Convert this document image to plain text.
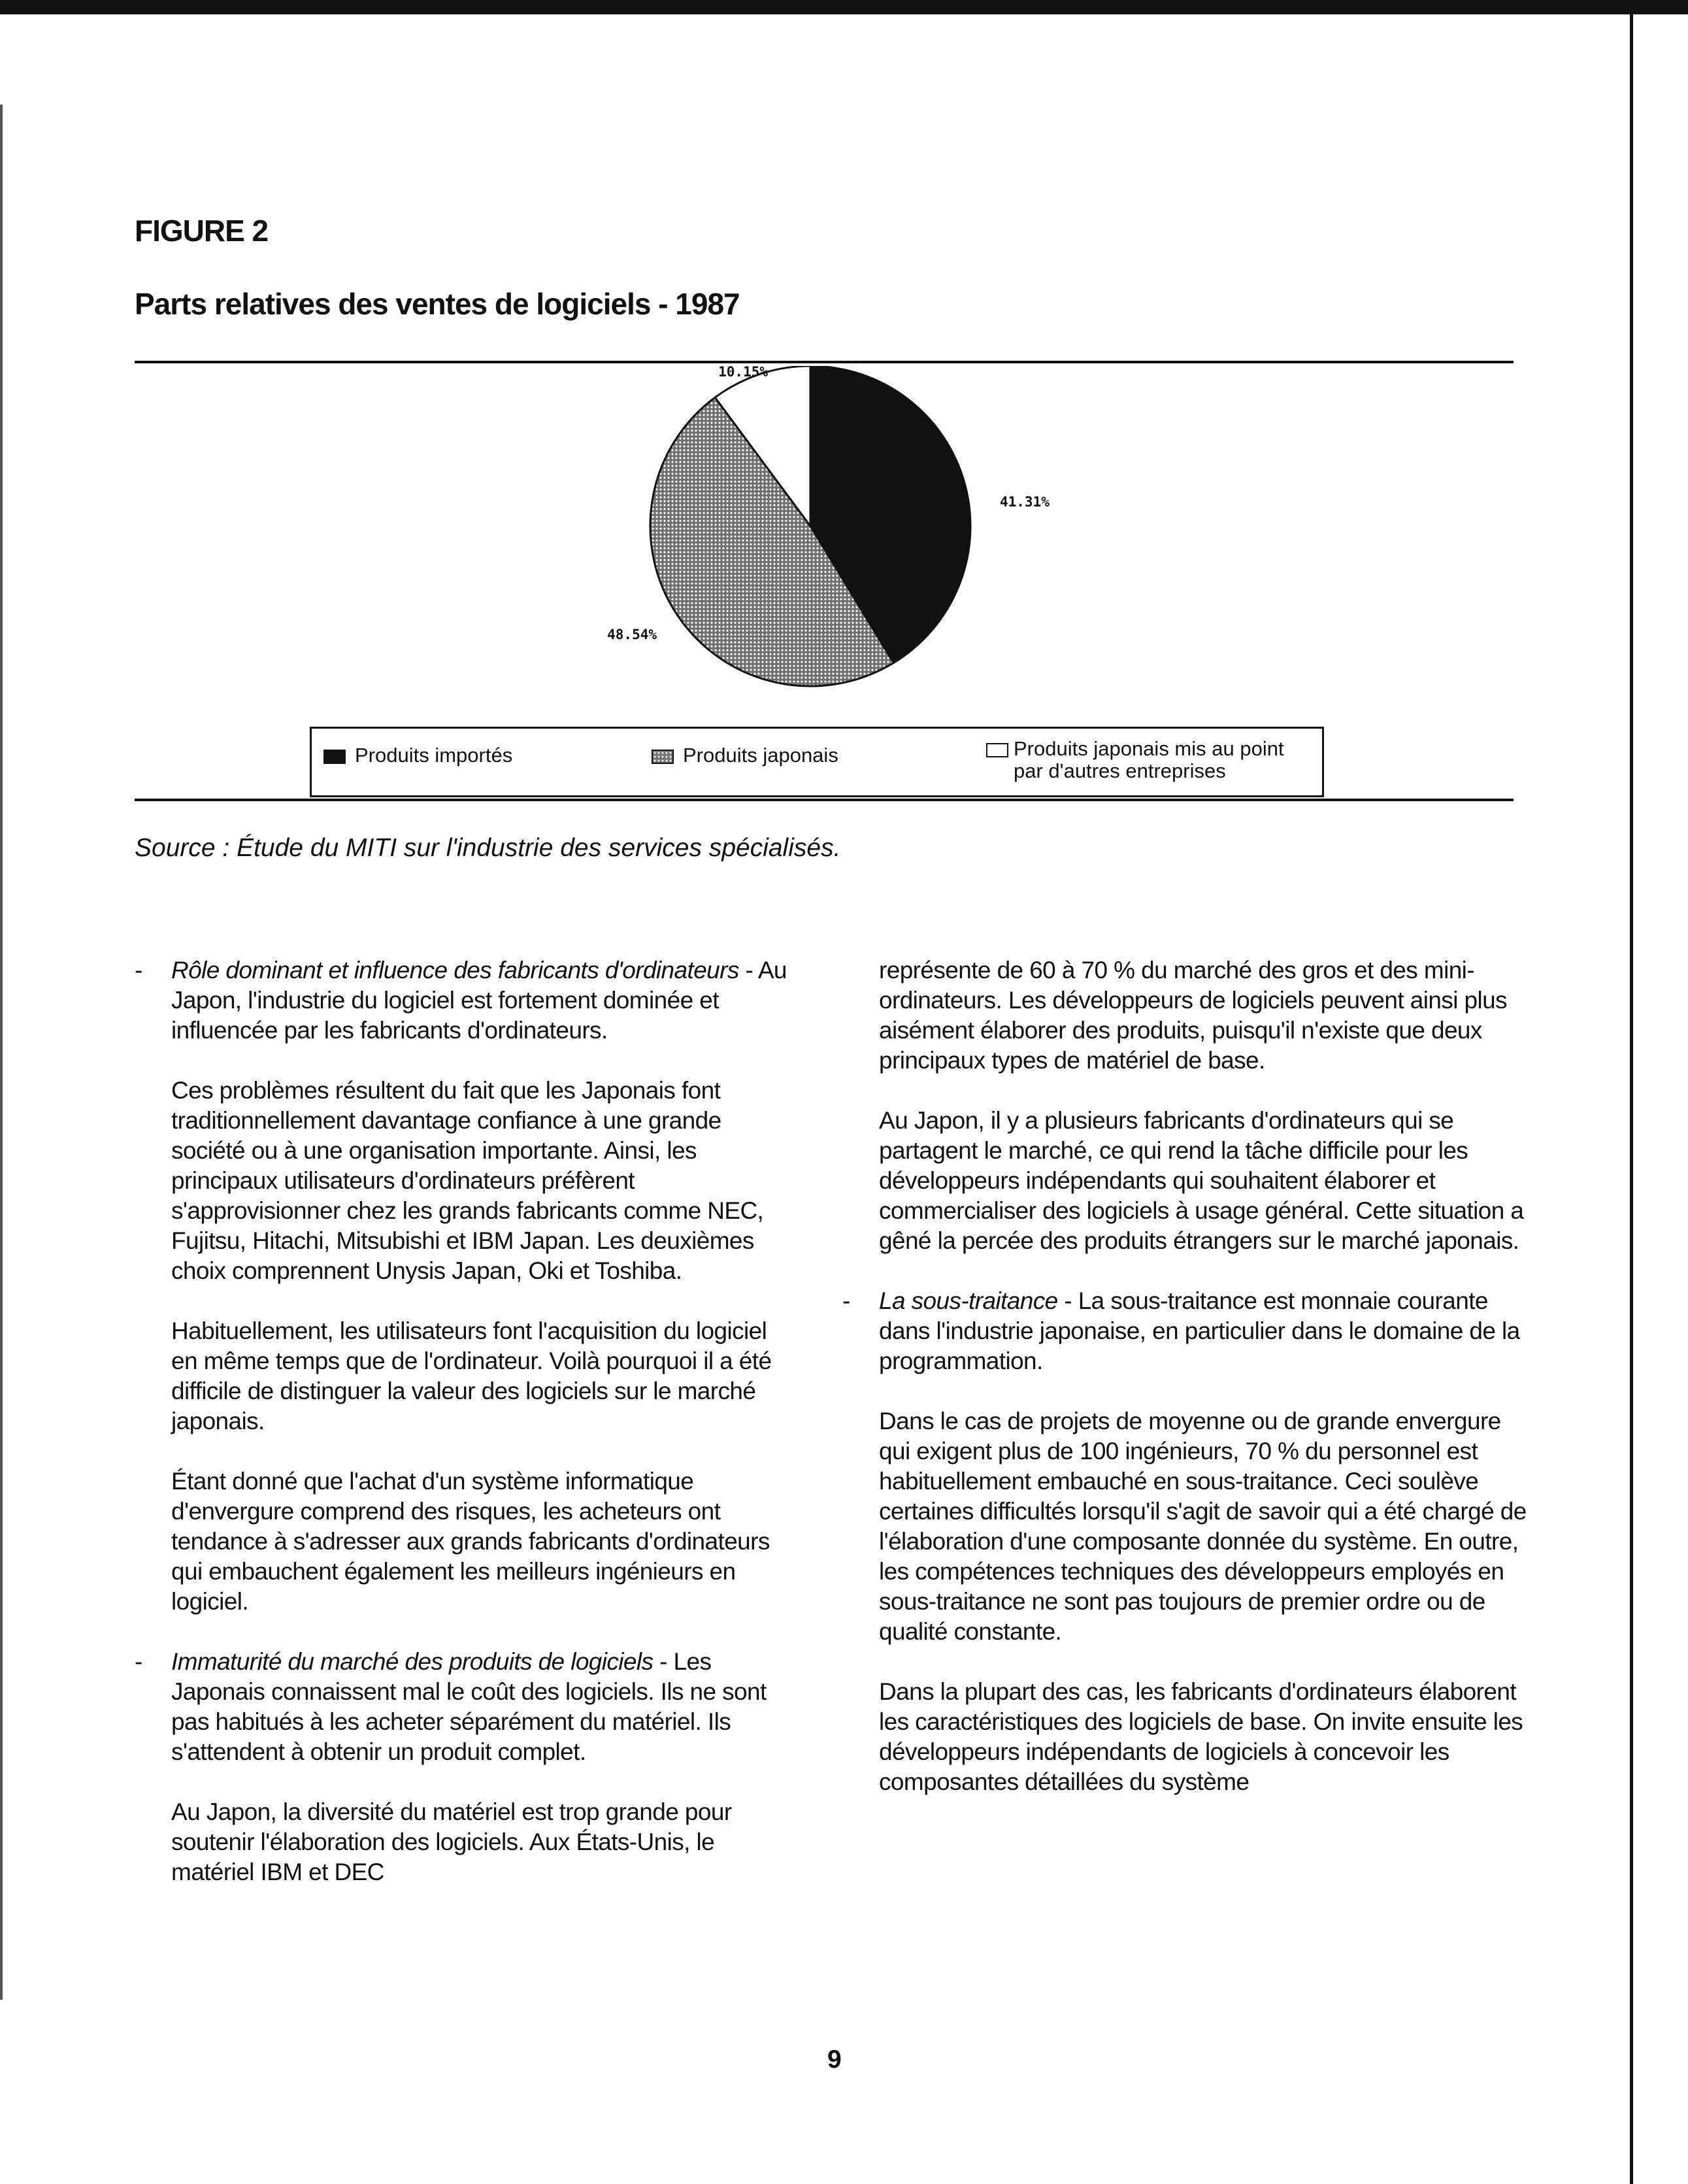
FIGURE 2
Parts relatives des ventes de logiciels - 1987
41.31%
48.54%
10.15%
Produits importés	Produits japonais	Produits japonais mis au point
par d'autres entreprises
Source : Étude du MITI sur l'industrie des services spécialisés.

- Rôle dominant et influence des fabricants d'ordinateurs - Au Japon, l'industrie du logiciel est fortement dominée et influencée par les fabricants d'ordinateurs.

Ces problèmes résultent du fait que les Japonais font traditionnellement davantage confiance à une grande société ou à une organisation importante. Ainsi, les principaux utilisateurs d'ordinateurs préfèrent s'approvisionner chez les grands fabricants comme NEC, Fujitsu, Hitachi, Mitsubishi et IBM Japan. Les deuxièmes choix comprennent Unysis Japan, Oki et Toshiba.

Habituellement, les utilisateurs font l'acquisition du logiciel en même temps que de l'ordinateur. Voilà pourquoi il a été difficile de distinguer la valeur des logiciels sur le marché japonais.

Étant donné que l'achat d'un système informatique d'envergure comprend des risques, les acheteurs ont tendance à s'adresser aux grands fabricants d'ordinateurs qui embauchent également les meilleurs ingénieurs en logiciel.

- Immaturité du marché des produits de logiciels - Les Japonais connaissent mal le coût des logiciels. Ils ne sont pas habitués à les acheter séparément du matériel. Ils s'attendent à obtenir un produit complet.

Au Japon, la diversité du matériel est trop grande pour soutenir l'élaboration des logiciels. Aux États-Unis, le matériel IBM et DEC

représente de 60 à 70 % du marché des gros et des mini-ordinateurs. Les développeurs de logiciels peuvent ainsi plus aisément élaborer des produits, puisqu'il n'existe que deux principaux types de matériel de base.

Au Japon, il y a plusieurs fabricants d'ordinateurs qui se partagent le marché, ce qui rend la tâche difficile pour les développeurs indépendants qui souhaitent élaborer et commercialiser des logiciels à usage général. Cette situation a gêné la percée des produits étrangers sur le marché japonais.

- La sous-traitance - La sous-traitance est monnaie courante dans l'industrie japonaise, en particulier dans le domaine de la programmation.

Dans le cas de projets de moyenne ou de grande envergure qui exigent plus de 100 ingénieurs, 70 % du personnel est habituellement embauché en sous-traitance. Ceci soulève certaines difficultés lorsqu'il s'agit de savoir qui a été chargé de l'élaboration d'une composante donnée du système. En outre, les compétences techniques des développeurs employés en sous-traitance ne sont pas toujours de premier ordre ou de qualité constante.

Dans la plupart des cas, les fabricants d'ordinateurs élaborent les caractéristiques des logiciels de base. On invite ensuite les développeurs indépendants de logiciels à concevoir les composantes détaillées du système

9
